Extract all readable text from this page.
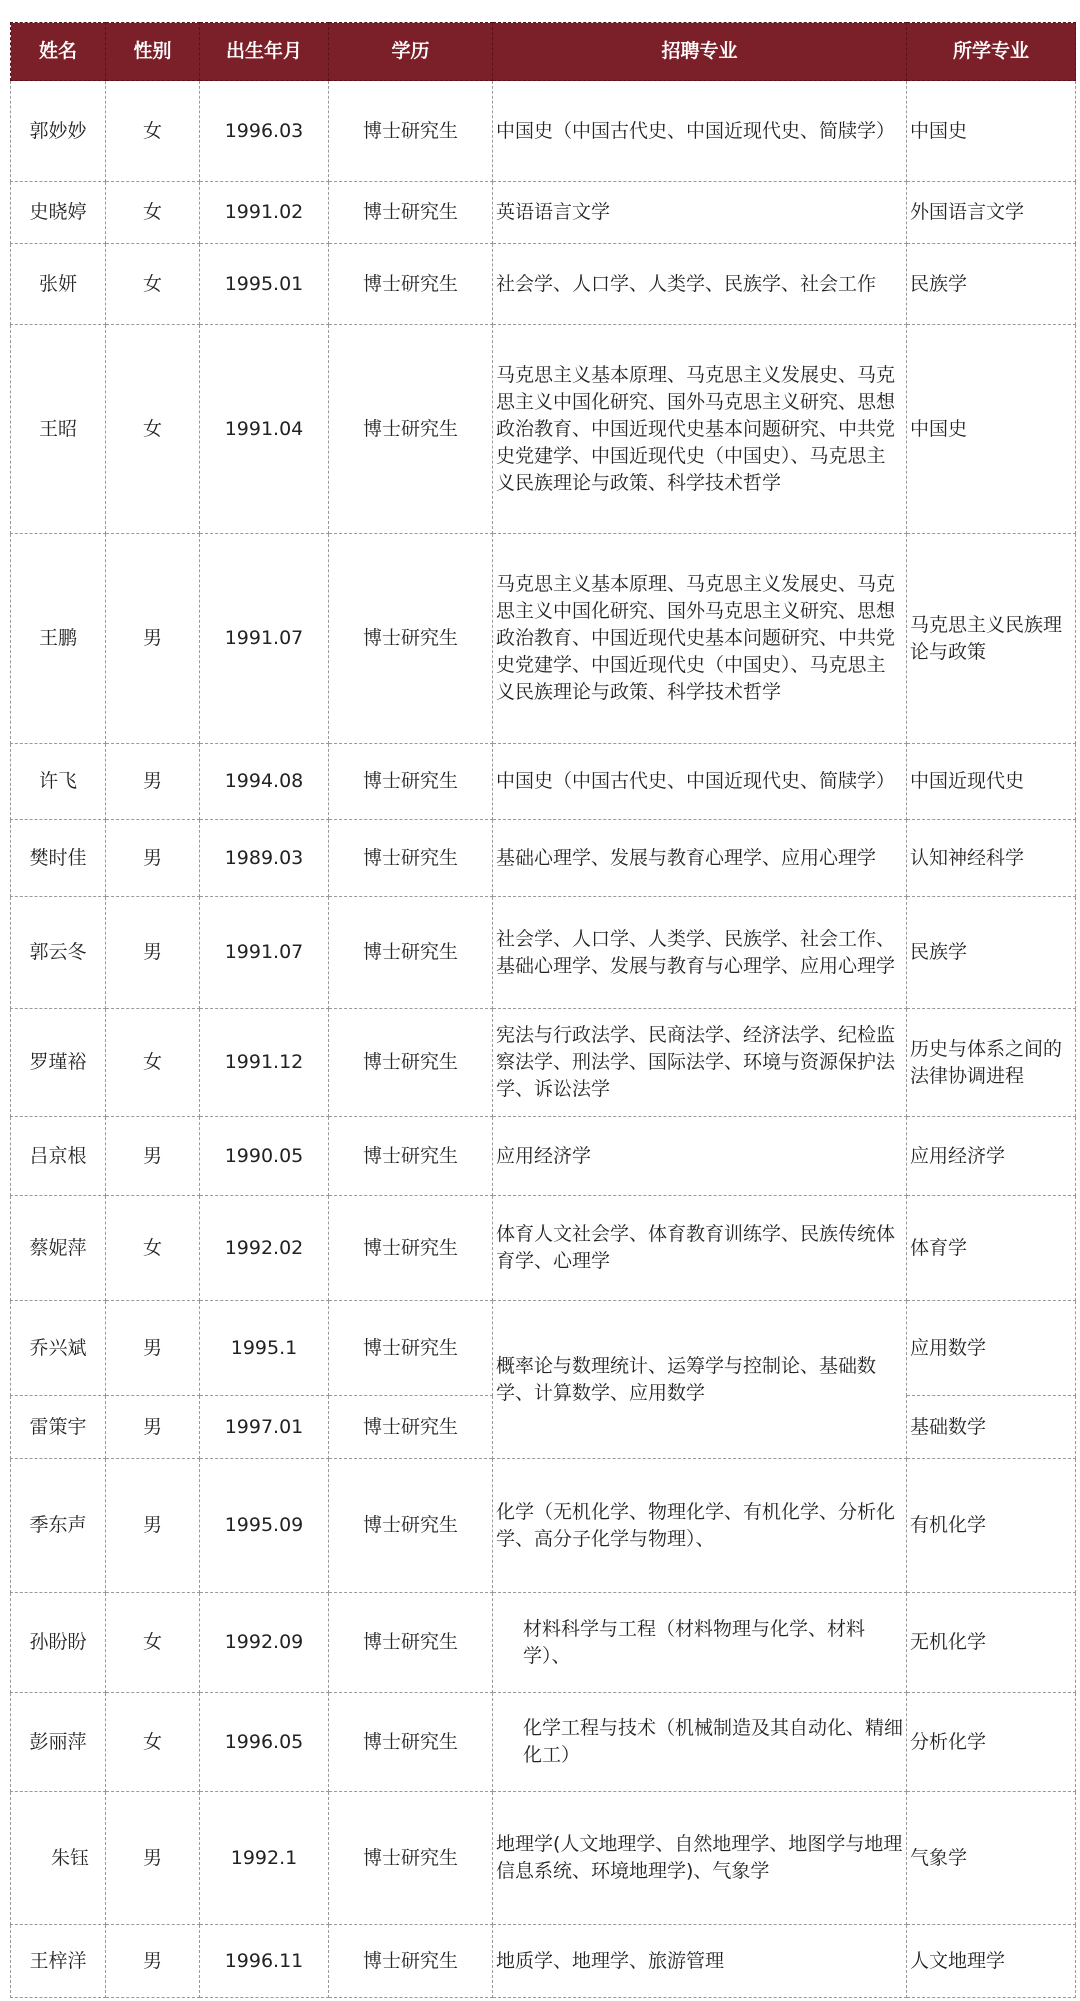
姓名	性别	出生年月	学历	招聘专业	所学专业
郭妙妙	女	1996.03	博士研究生	中国史（中国古代史、中国近现代史、简牍学）	中国史
史晓婷	女	1991.02	博士研究生	英语语言文学	外国语言文学
张妍	女	1995.01	博士研究生	社会学、人口学、人类学、民族学、社会工作	民族学
王昭	女	1991.04	博士研究生	马克思主义基本原理、马克思主义发展史、马克思主义中国化研究、国外马克思主义研究、思想政治教育、中国近现代史基本问题研究、中共党史党建学、中国近现代史（中国史）、马克思主义民族理论与政策、科学技术哲学	中国史
王鹏	男	1991.07	博士研究生	马克思主义基本原理、马克思主义发展史、马克思主义中国化研究、国外马克思主义研究、思想政治教育、中国近现代史基本问题研究、中共党史党建学、中国近现代史（中国史）、马克思主义民族理论与政策、科学技术哲学	马克思主义民族理论与政策
许飞	男	1994.08	博士研究生	中国史（中国古代史、中国近现代史、简牍学）	中国近现代史
樊时佳	男	1989.03	博士研究生	基础心理学、发展与教育心理学、应用心理学	认知神经科学
郭云冬	男	1991.07	博士研究生	社会学、人口学、人类学、民族学、社会工作、基础心理学、发展与教育与心理学、应用心理学	民族学
罗瑾裕	女	1991.12	博士研究生	宪法与行政法学、民商法学、经济法学、纪检监察法学、刑法学、国际法学、环境与资源保护法学、诉讼法学	历史与体系之间的法律协调进程
吕京根	男	1990.05	博士研究生	应用经济学	应用经济学
蔡妮萍	女	1992.02	博士研究生	体育人文社会学、体育教育训练学、民族传统体育学、心理学	体育学
乔兴斌	男	1995.1	博士研究生	概率论与数理统计、运筹学与控制论、基础数学、计算数学、应用数学	应用数学
雷策宇	男	1997.01	博士研究生		基础数学
季东声	男	1995.09	博士研究生	化学（无机化学、物理化学、有机化学、分析化学、高分子化学与物理）、	有机化学
孙盼盼	女	1992.09	博士研究生	材料科学与工程（材料物理与化学、材料学）、	无机化学
彭丽萍	女	1996.05	博士研究生	化学工程与技术（机械制造及其自动化、精细化工）	分析化学
朱钰	男	1992.1	博士研究生	地理学(人文地理学、自然地理学、地图学与地理信息系统、环境地理学)、气象学	气象学
王梓洋	男	1996.11	博士研究生	地质学、地理学、旅游管理	人文地理学
